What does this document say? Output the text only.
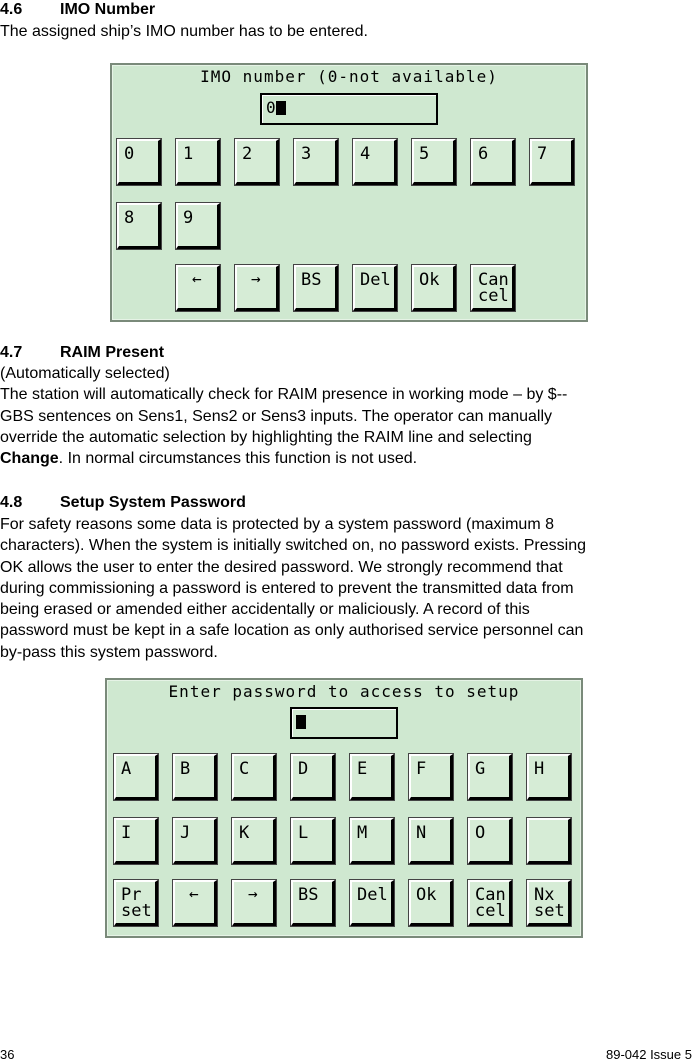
4.6 IMO Number
The assigned ship’s IMO number has to be entered.
IMO number (0-not available)
0
0	1	2	3	4	5	6	7
8	9
←	→ BS Del Ok Can
cel
4.7 RAIM Present
(Automatically selected)
The station will automatically check for RAIM presence in working mode – by $--
GBS sentences on Sens1, Sens2 or Sens3 inputs. The operator can manually
override the automatic selection by highlighting the RAIM line and selecting
Change. In normal circumstances this function is not used.
4.8 Setup System Password
For safety reasons some data is protected by a system password (maximum 8
characters). When the system is initially switched on, no password exists. Pressing
OK allows the user to enter the desired password. We strongly recommend that
during commissioning a password is entered to prevent the transmitted data from
being erased or amended either accidentally or maliciously. A record of this
password must be kept in a safe location as only authorised service personnel can
by-pass this system password.
Enter password to access to setup
A	B	C	D	E	F	G	H
I	J	K	L	M	N	O
Pr
set
←	→ BS Del Ok Can
cel
Nx
set
36	89-042 Issue 5
